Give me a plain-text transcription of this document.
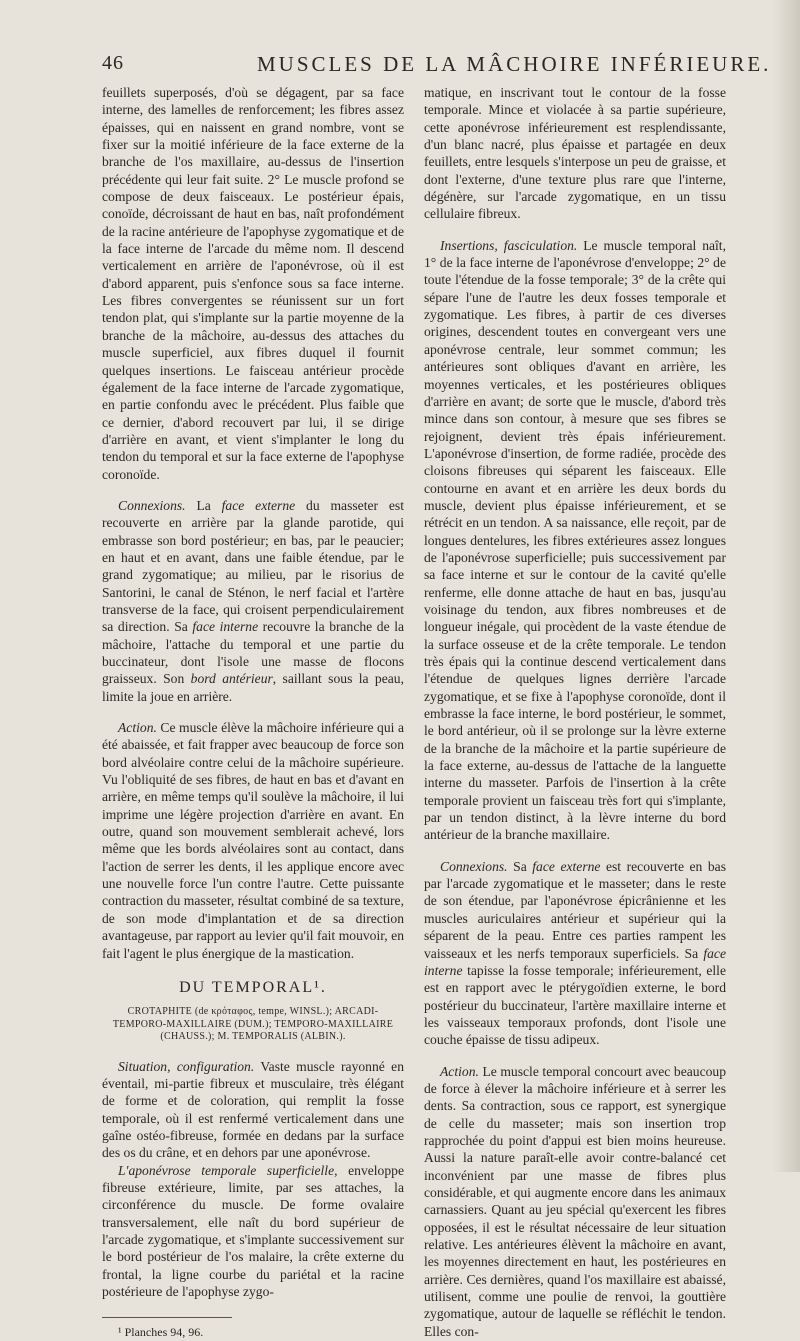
46	MUSCLES DE LA MÂCHOIRE INFÉRIEURE.

feuillets superposés, d'où se dégagent, par sa face interne, des lamelles de renforcement; les fibres assez épaisses, qui en naissent en grand nombre, vont se fixer sur la moitié inférieure de la face externe de la branche de l'os maxillaire, au-dessus de l'insertion précédente qui leur fait suite. 2° Le muscle profond se compose de deux faisceaux. Le postérieur épais, conoïde, décroissant de haut en bas, naît profondément de la racine antérieure de l'apophyse zygomatique et de la face interne de l'arcade du même nom. Il descend verticalement en arrière de l'aponévrose, où il est d'abord apparent, puis s'enfonce sous sa face interne. Les fibres convergentes se réunissent sur un fort tendon plat, qui s'implante sur la partie moyenne de la branche de la mâchoire, au-dessus des attaches du muscle superficiel, aux fibres duquel il fournit quelques insertions. Le faisceau antérieur procède également de la face interne de l'arcade zygomatique, en partie confondu avec le précédent. Plus faible que ce dernier, d'abord recouvert par lui, il se dirige d'arrière en avant, et vient s'implanter le long du tendon du temporal et sur la face externe de l'apophyse coronoïde.

Connexions. La face externe du masseter est recouverte en arrière par la glande parotide, qui embrasse son bord postérieur; en bas, par le peaucier; en haut et en avant, dans une faible étendue, par le grand zygomatique; au milieu, par le risorius de Santorini, le canal de Sténon, le nerf facial et l'artère transverse de la face, qui croisent perpendiculairement sa direction. Sa face interne recouvre la branche de la mâchoire, l'attache du temporal et une partie du buccinateur, dont l'isole une masse de flocons graisseux. Son bord antérieur, saillant sous la peau, limite la joue en arrière.

Action. Ce muscle élève la mâchoire inférieure qui a été abaissée, et fait frapper avec beaucoup de force son bord alvéolaire contre celui de la mâchoire supérieure. Vu l'obliquité de ses fibres, de haut en bas et d'avant en arrière, en même temps qu'il soulève la mâchoire, il lui imprime une légère projection d'arrière en avant. En outre, quand son mouvement semblerait achevé, lors même que les bords alvéolaires sont au contact, dans l'action de serrer les dents, il les applique encore avec une nouvelle force l'un contre l'autre. Cette puissante contraction du masseter, résultat combiné de sa texture, de son mode d'implantation et de sa direction avantageuse, par rapport au levier qu'il fait mouvoir, en fait l'agent le plus énergique de la mastication.

DU TEMPORAL¹.
CROTAPHITE (de κρόταφος, tempe, WINSL.); ARCADI-TEMPORO-MAXILLAIRE (DUM.); TEMPORO-MAXILLAIRE (CHAUSS.); M. TEMPORALIS (ALBIN.).

Situation, configuration. Vaste muscle rayonné en éventail, mi-partie fibreux et musculaire, très élégant de forme et de coloration, qui remplit la fosse temporale, où il est renfermé verticalement dans une gaîne ostéo-fibreuse, formée en dedans par la surface des os du crâne, et en dehors par une aponévrose.

L'aponévrose temporale superficielle, enveloppe fibreuse extérieure, limite, par ses attaches, la circonférence du muscle. De forme ovalaire transversalement, elle naît du bord supérieur de l'arcade zygomatique, et s'implante successivement sur le bord postérieur de l'os malaire, la crête externe du frontal, la ligne courbe du pariétal et la racine postérieure de l'apophyse zygo-

¹ Planches 94, 96.

matique, en inscrivant tout le contour de la fosse temporale. Mince et violacée à sa partie supérieure, cette aponévrose inférieurement est resplendissante, d'un blanc nacré, plus épaisse et partagée en deux feuillets, entre lesquels s'interpose un peu de graisse, et dont l'externe, d'une texture plus rare que l'interne, dégénère, sur l'arcade zygomatique, en un tissu cellulaire fibreux.

Insertions, fasciculation. Le muscle temporal naît, 1° de la face interne de l'aponévrose d'enveloppe; 2° de toute l'étendue de la fosse temporale; 3° de la crête qui sépare l'une de l'autre les deux fosses temporale et zygomatique. Les fibres, à partir de ces diverses origines, descendent toutes en convergeant vers une aponévrose centrale, leur sommet commun; les antérieures sont obliques d'avant en arrière, les moyennes verticales, et les postérieures obliques d'arrière en avant; de sorte que le muscle, d'abord très mince dans son contour, à mesure que ses fibres se rejoignent, devient très épais inférieurement. L'aponévrose d'insertion, de forme radiée, procède des cloisons fibreuses qui séparent les faisceaux. Elle contourne en avant et en arrière les deux bords du muscle, devient plus épaisse inférieurement, et se rétrécit en un tendon. A sa naissance, elle reçoit, par de longues dentelures, les fibres extérieures assez longues de l'aponévrose superficielle; puis successivement par sa face interne et sur le contour de la cavité qu'elle renferme, elle donne attache de haut en bas, jusqu'au voisinage du tendon, aux fibres nombreuses et de longueur inégale, qui procèdent de la vaste étendue de la surface osseuse et de la crête temporale. Le tendon très épais qui la continue descend verticalement dans l'étendue de quelques lignes derrière l'arcade zygomatique, et se fixe à l'apophyse coronoïde, dont il embrasse la face interne, le bord postérieur, le sommet, le bord antérieur, où il se prolonge sur la lèvre externe de la branche de la mâchoire et la partie supérieure de la face externe, au-dessus de l'attache de la languette interne du masseter. Parfois de l'insertion à la crête temporale provient un faisceau très fort qui s'implante, par un tendon distinct, à la lèvre interne du bord antérieur de la branche maxillaire.

Connexions. Sa face externe est recouverte en bas par l'arcade zygomatique et le masseter; dans le reste de son étendue, par l'aponévrose épicrânienne et les muscles auriculaires antérieur et supérieur qui la séparent de la peau. Entre ces parties rampent les vaisseaux et les nerfs temporaux superficiels. Sa face interne tapisse la fosse temporale; inférieurement, elle est en rapport avec le ptérygoïdien externe, le bord postérieur du buccinateur, l'artère maxillaire interne et les vaisseaux temporaux profonds, dont l'isole une couche épaisse de tissu adipeux.

Action. Le muscle temporal concourt avec beaucoup de force à élever la mâchoire inférieure et à serrer les dents. Sa contraction, sous ce rapport, est synergique de celle du masseter; mais son insertion trop rapprochée du point d'appui est bien moins heureuse. Aussi la nature paraît-elle avoir contre-balancé cet inconvénient par une masse de fibres plus considérable, et qui augmente encore dans les animaux carnassiers. Quant au jeu spécial qu'exercent les fibres opposées, il est le résultat nécessaire de leur situation relative. Les antérieures élèvent la mâchoire en avant, les moyennes directement en haut, les postérieures en arrière. Ces dernières, quand l'os maxillaire est abaissé, utilisent, comme une poulie de renvoi, la gouttière zygomatique, autour de laquelle se réfléchit le tendon. Elles con-
